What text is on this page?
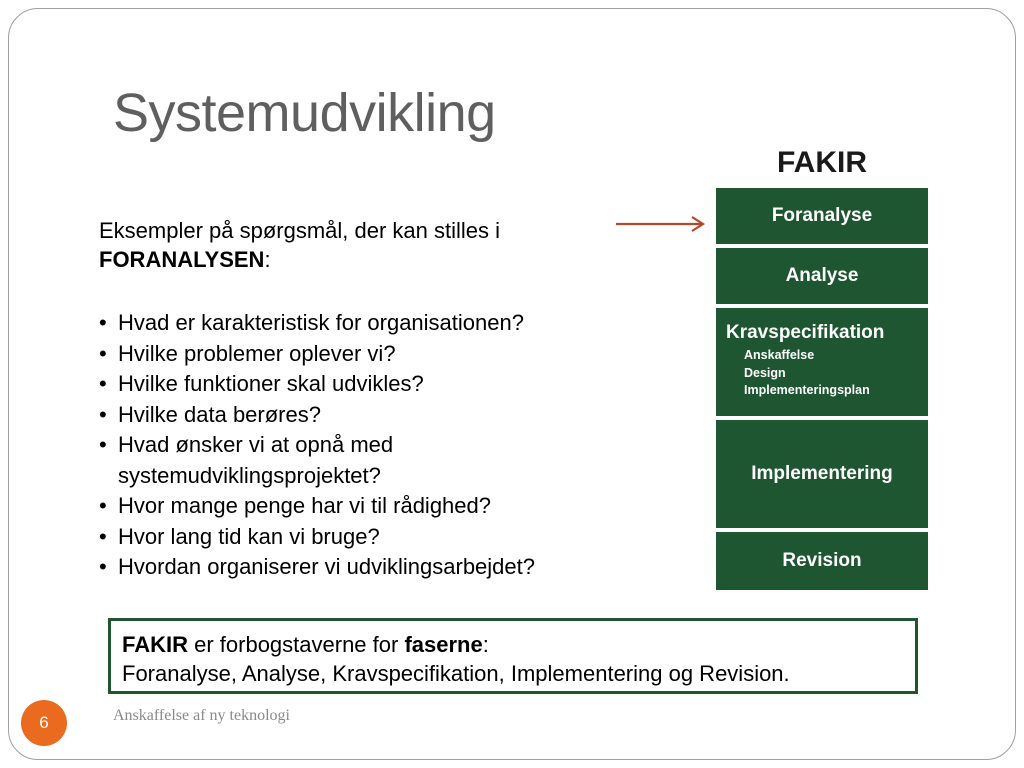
Systemudvikling
Eksempler på spørgsmål, der kan stilles i
FORANALYSEN:
• Hvad er karakteristisk for organisationen?
• Hvilke problemer oplever vi?
• Hvilke funktioner skal udvikles?
• Hvilke data berøres?
• Hvad ønsker vi at opnå med systemudviklingsprojektet?
• Hvor mange penge har vi til rådighed?
• Hvor lang tid kan vi bruge?
• Hvordan organiserer vi udviklingsarbejdet?
FAKIR
Foranalyse
Analyse
Kravspecifikation
Anskaffelse
Design
Implementeringsplan
Implementering
Revision
FAKIR er forbogstaverne for faserne:
Foranalyse, Analyse, Kravspecifikation, Implementering og Revision.
6	Anskaffelse af ny teknologi
